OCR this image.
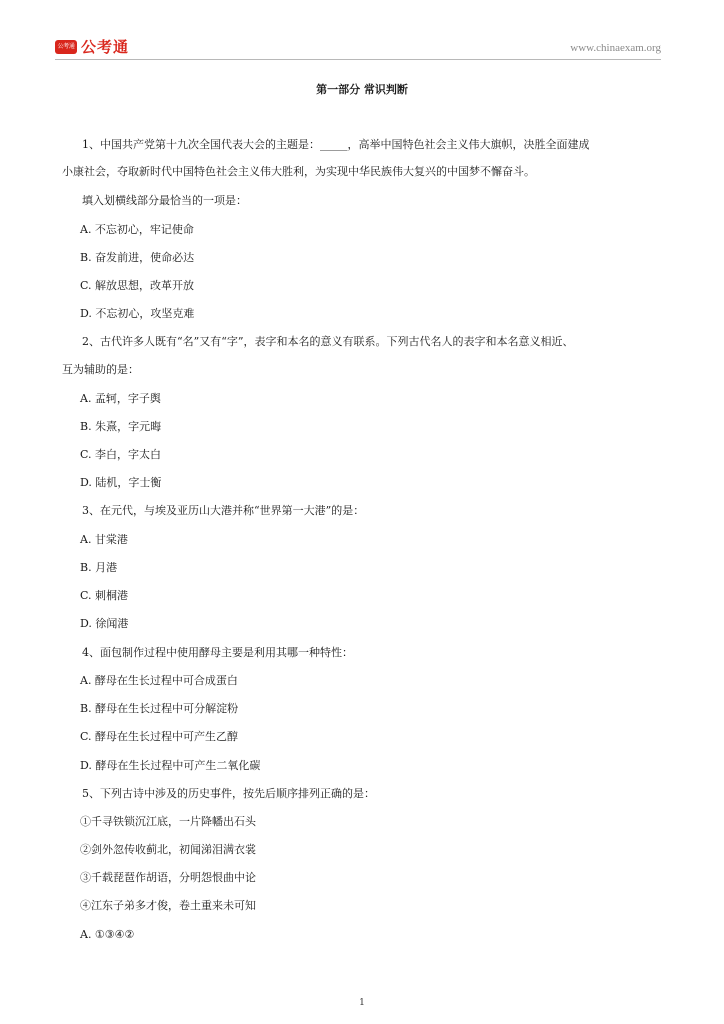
公考通 公考通	www.chinaexam.org
第一部分 常识判断
1、中国共产党第十九次全国代表大会的主题是：_____，高举中国特色社会主义伟大旗帜，决胜全面建成
小康社会，夺取新时代中国特色社会主义伟大胜利，为实现中华民族伟大复兴的中国梦不懈奋斗。
填入划横线部分最恰当的一项是：
A. 不忘初心，牢记使命
B. 奋发前进，使命必达
C. 解放思想，改革开放
D. 不忘初心，攻坚克难
2、古代许多人既有“名”又有“字”，表字和本名的意义有联系。下列古代名人的表字和本名意义相近、
互为辅助的是：
A. 孟轲，字子舆
B. 朱熹，字元晦
C. 李白，字太白
D. 陆机，字士衡
3、在元代，与埃及亚历山大港并称“世界第一大港”的是：
A. 甘棠港
B. 月港
C. 刺桐港
D. 徐闻港
4、面包制作过程中使用酵母主要是利用其哪一种特性：
A. 酵母在生长过程中可合成蛋白
B. 酵母在生长过程中可分解淀粉
C. 酵母在生长过程中可产生乙醇
D. 酵母在生长过程中可产生二氧化碳
5、下列古诗中涉及的历史事件，按先后顺序排列正确的是：
①千寻铁锁沉江底，一片降幡出石头
②剑外忽传收蓟北，初闻涕泪满衣裳
③千载琵琶作胡语，分明怨恨曲中论
④江东子弟多才俊，卷土重来未可知
A. ①③④②
1
